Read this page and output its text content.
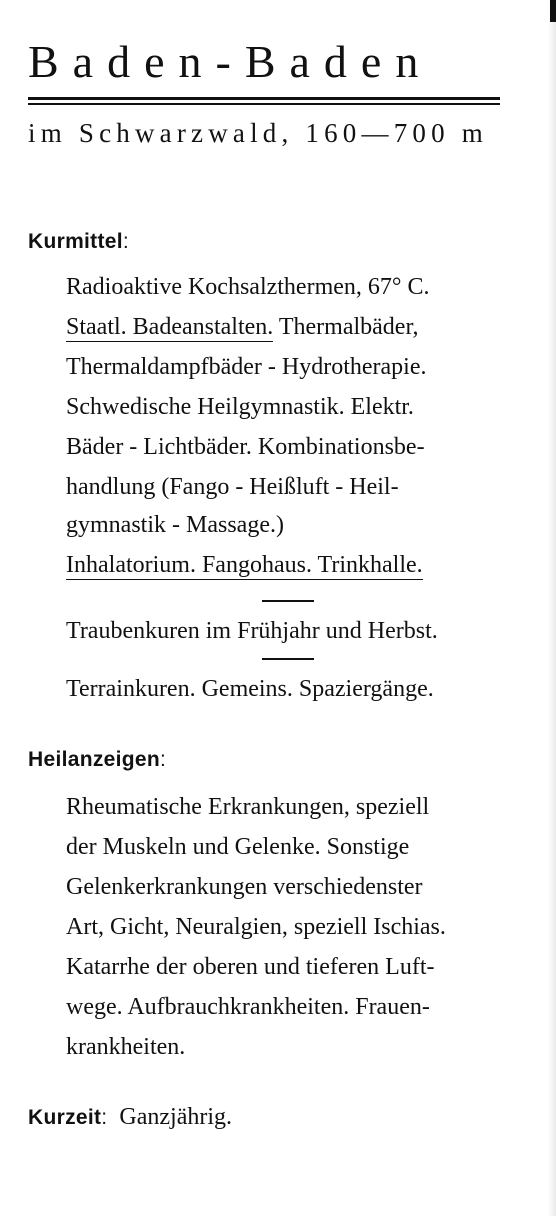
Baden-Baden
im Schwarzwald, 160—700 m
Kurmittel:
Radioaktive Kochsalzthermen, 67° C.
Staatl. Badeanstalten. Thermalbäder,
Thermaldampfbäder - Hydrotherapie.
Schwedische Heilgymnastik. Elektr.
Bäder - Lichtbäder. Kombinationsbe-
handlung (Fango - Heißluft - Heil-
gymnastik - Massage.)
Inhalatorium. Fangohaus. Trinkhalle.
Traubenkuren im Frühjahr und Herbst.
Terrainkuren. Gemeins. Spaziergänge.
Heilanzeigen:
Rheumatische Erkrankungen, speziell
der Muskeln und Gelenke. Sonstige
Gelenkerkrankungen verschiedenster
Art, Gicht, Neuralgien, speziell Ischias.
Katarrhe der oberen und tieferen Luft-
wege. Aufbrauchkrankheiten. Frauen-
krankheiten.
Kurzeit: Ganzjährig.
